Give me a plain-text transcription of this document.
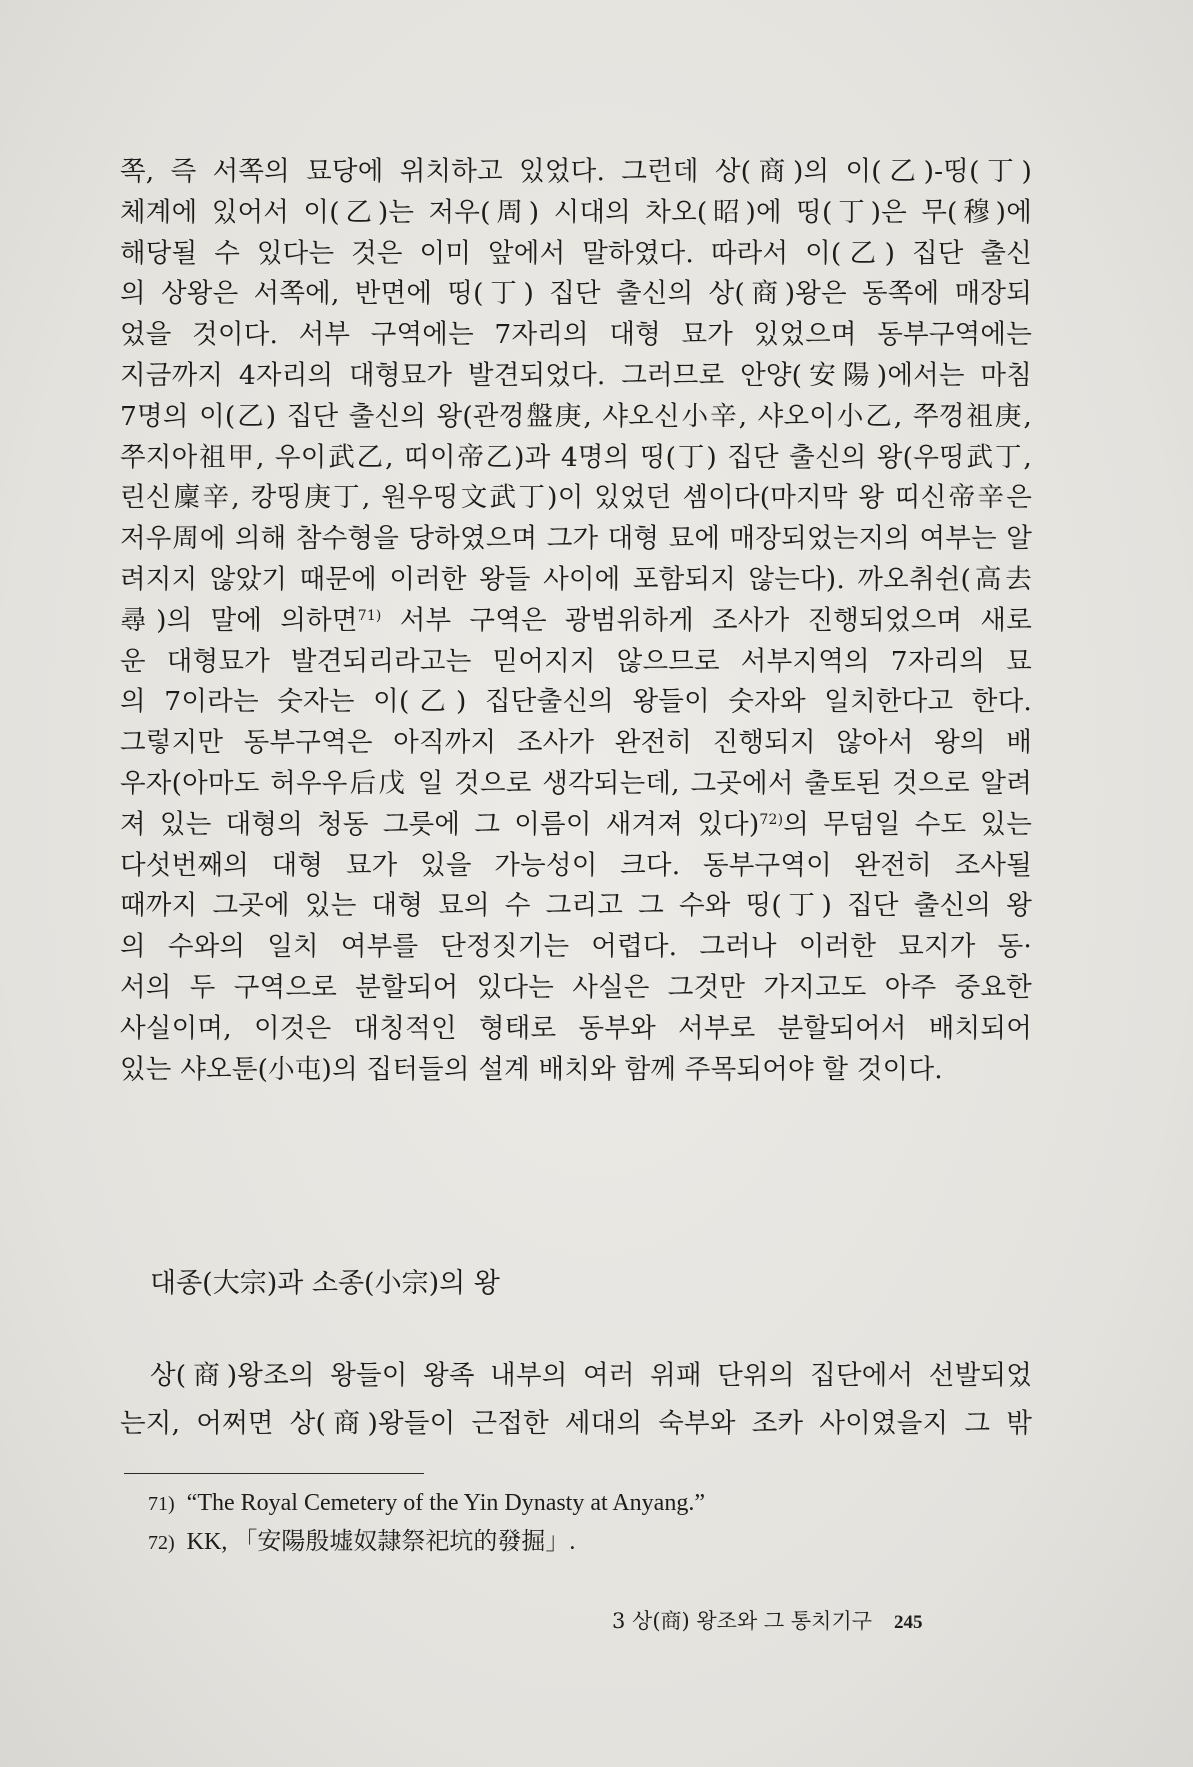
쪽, 즉 서쪽의 묘당에 위치하고 있었다. 그런데 상(商)의 이(乙)-띵(丁)
체계에 있어서 이(乙)는 저우(周) 시대의 차오(昭)에 띵(丁)은 무(穆)에
해당될 수 있다는 것은 이미 앞에서 말하였다. 따라서 이(乙) 집단 출신
의 상왕은 서쪽에, 반면에 띵(丁) 집단 출신의 상(商)왕은 동쪽에 매장되
었을 것이다. 서부 구역에는 7자리의 대형 묘가 있었으며 동부구역에는
지금까지 4자리의 대형묘가 발견되었다. 그러므로 안양(安陽)에서는 마침
7명의 이(乙) 집단 출신의 왕(관껑盤庚, 샤오신小辛, 샤오이小乙, 쭈껑祖庚,
쭈지아祖甲, 우이武乙, 띠이帝乙)과 4명의 띵(丁) 집단 출신의 왕(우띵武丁,
린신廩辛, 캉띵庚丁, 원우띵文武丁)이 있었던 셈이다(마지막 왕 띠신帝辛은
저우周에 의해 참수형을 당하였으며 그가 대형 묘에 매장되었는지의 여부는 알
려지지 않았기 때문에 이러한 왕들 사이에 포함되지 않는다). 까오취쉰(高去
尋)의 말에 의하면$^{71)}$ 서부 구역은 광범위하게 조사가 진행되었으며 새로
운 대형묘가 발견되리라고는 믿어지지 않으므로 서부지역의 7자리의 묘
의 7이라는 숫자는 이(乙) 집단출신의 왕들이 숫자와 일치한다고 한다.
그렇지만 동부구역은 아직까지 조사가 완전히 진행되지 않아서 왕의 배
우자(아마도 허우우后戊 일 것으로 생각되는데, 그곳에서 출토된 것으로 알려
져 있는 대형의 청동 그릇에 그 이름이 새겨져 있다)$^{72)}$의 무덤일 수도 있는
다섯번째의 대형 묘가 있을 가능성이 크다. 동부구역이 완전히 조사될
때까지 그곳에 있는 대형 묘의 수 그리고 그 수와 띵(丁) 집단 출신의 왕
의 수와의 일치 여부를 단정짓기는 어렵다. 그러나 이러한 묘지가 동·
서의 두 구역으로 분할되어 있다는 사실은 그것만 가지고도 아주 중요한
사실이며, 이것은 대칭적인 형태로 동부와 서부로 분할되어서 배치되어
있는 샤오툰(小屯)의 집터들의 설계 배치와 함께 주목되어야 할 것이다.
대종(大宗)과 소종(小宗)의 왕
상(商)왕조의 왕들이 왕족 내부의 여러 위패 단위의 집단에서 선발되었
는지, 어쩌면 상(商)왕들이 근접한 세대의 숙부와 조카 사이였을지 그 밖
71) “The Royal Cemetery of the Yin Dynasty at Anyang.”
72) KK, 「安陽殷墟奴隷祭祀坑的發掘」.
3 상(商) 왕조와 그 통치기구 245
